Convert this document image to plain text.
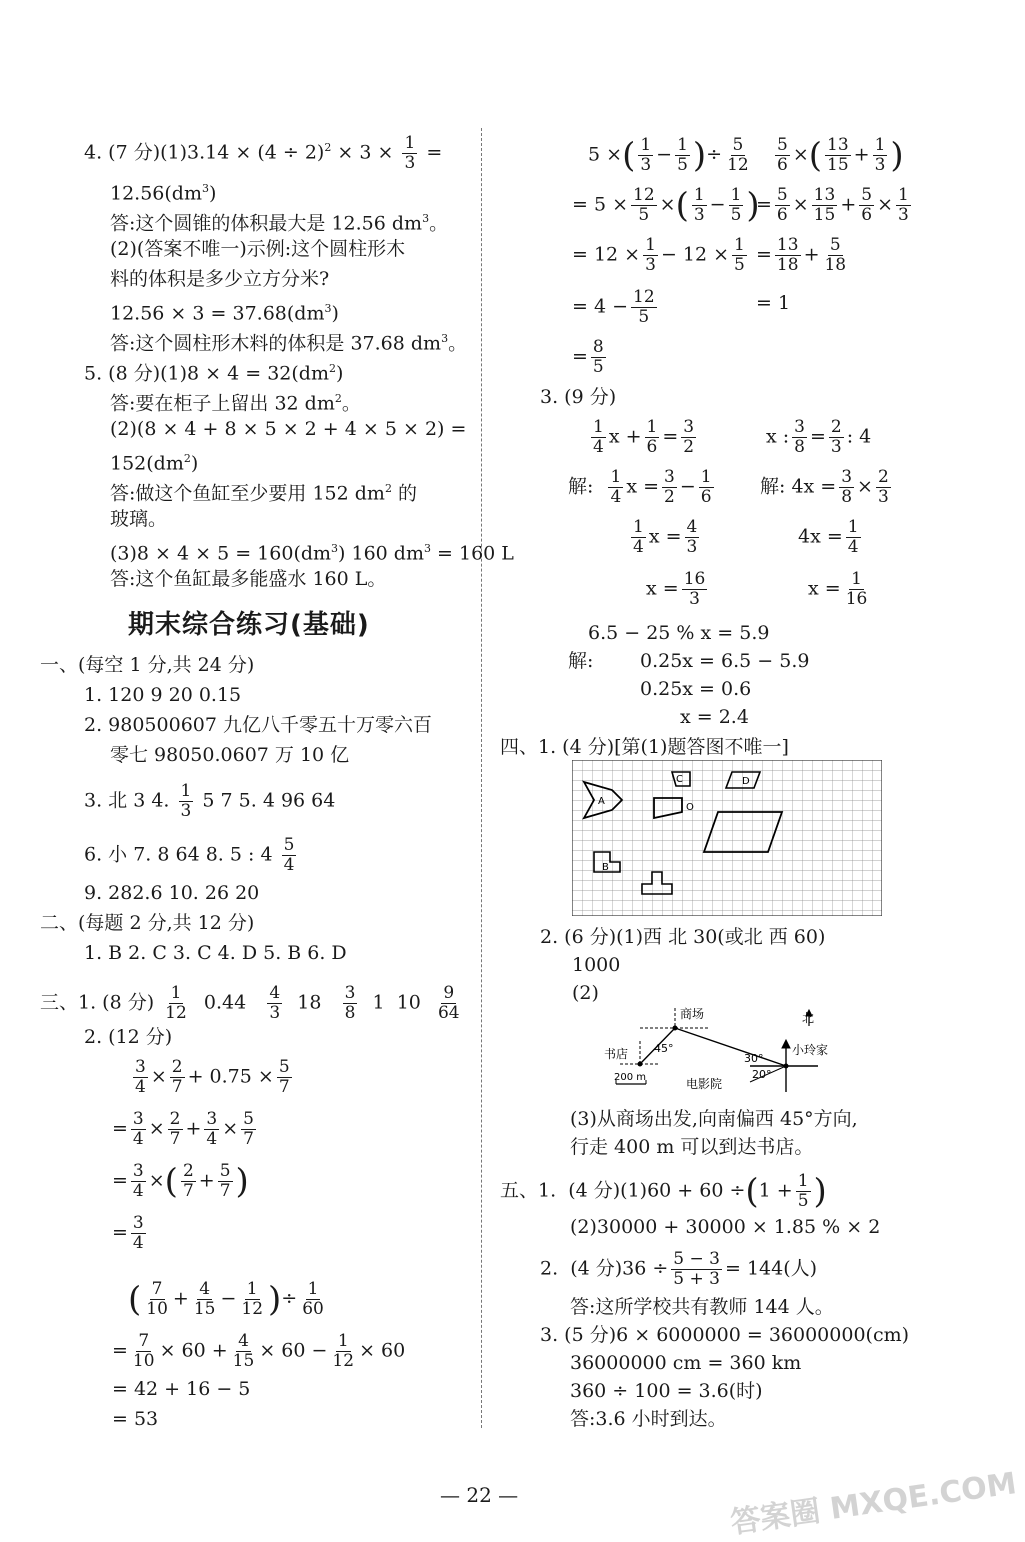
4. (7 分)$(1)3.14 \times (4 \div 2)^2 \times 3 \times \frac{1}{3}$ =
$12.56(dm^3)$
答:这个圆锥的体积最大是 12.56 $dm^3$。
(2)(答案不唯一)示例:这个圆柱形木
料的体积是多少立方分米?
$12.56 \times 3 = 37.68(dm^3)$
答:这个圆柱形木料的体积是 37.68 $dm^3$。
5. (8 分)$(1)8 \times 4 = 32(dm^2)$
答:要在柜子上留出 32 $dm^2$。
(2)(8 × 4 + 8 × 5 × 2 + 4 × 5 × 2) =
$152(dm^2)$
答:做这个鱼缸至少要用 152 $dm^2$ 的
玻璃。
$(3)8 \times 4 \times 5 = 160(dm^3)$ 160 $dm^3 = 160$ L
答:这个鱼缸最多能盛水 160 L。
期末综合练习(基础)
一、(每空 1 分,共 24 分)
1. 120 9 20 0.15
2. 980500607 九亿八千零五十万零六百
零七 98050.0607 万 10 亿
3. 北 3 4. $\frac{1}{3} 5$ 7 5. 4 96 64
6. 小 7. 8 64 8. 5 : $4 \frac{5}{4}$
9. 282.6 10. 26 20
二、(每题 2 分,共 12 分)
1. B 2. C 3. C 4. D 5. B 6. D
三、1. (8 分) $\frac{1}{12} 0.44 \frac{4}{3} 18 \frac{3}{8} 1$ $10 \frac{9}{64}$
2. (12 分)
$\frac{3}{4} \times \frac{2}{7} + 0.75 \times \frac{5}{7}$
= $\frac{3}{4} \times \frac{2}{7} + \frac{3}{4} \times \frac{5}{7}$
= $\frac{3}{4}$ ×( $\frac{2}{7} + \frac{5}{7}$ )
= $\frac{3}{4}$
( $\frac{7}{10} + \frac{4}{15} - \frac{1}{12}$ )÷ $\frac{1}{60}$
= $\frac{7}{10} \times 60 + \frac{4}{15} \times 60 - \frac{1}{12} \times 60$
= 42 + 16 − 5
= 53
5 ×( $\frac{1}{3} - \frac{1}{5}$ )÷ $\frac{5}{12} \frac{5}{6}$ ×( $\frac{13}{15} + \frac{1}{3}$ )
= $5 \times \frac{12}{5}$ ×( $\frac{1}{3} - \frac{1}{5}$ )
= $\frac{5}{6} \times \frac{13}{15} + \frac{5}{6} \times \frac{1}{3}$
= $12 \times \frac{1}{3} - 12 \times \frac{1}{5} = \frac{13}{18} + \frac{5}{18}$
= $4 - \frac{12}{5}$	= 1
= $\frac{8}{5}$
3. (9 分)
$\frac{1}{4}$ $x + \frac{1}{6} = \frac{3}{2}$	x : $\frac{3}{8} = \frac{2}{3}$ : 4
解: $\frac{1}{4}$ $x = \frac{3}{2} - \frac{1}{6}$ 解: $4x = \frac{3}{8} \times \frac{2}{3}$
$\frac{1}{4}$ $x = \frac{4}{3}$	$4x = \frac{1}{4}$
$x = \frac{16}{3}$	$x = \frac{1}{16}$
6.5 − 25 % x = 5.9
解: 0.25x = 6.5 − 5.9
0.25x = 0.6
x = 2.4
四、1. (4 分)[第(1)题答图不唯一]
A
C
O
D
B
2. (6 分)(1)西 北 30(或北 西 60)
1000
(2)
商场	北
书店 45°	小玲家
30°
20°
200 m	电影院
(3)从商场出发,向南偏西 45°方向,
行走 400 m 可以到达书店。
五、1.  (4 分)$(1)60 + 60 \div(1 + \frac{1}{5}$ )
(2)30000 + 30000 × 1.85 % × 2
2.  (4 分)$36 \div \frac{5 - 3}{5 + 3} = 144$(人)
答:这所学校共有教师 144 人。
3. (5 分)6 × 6000000 = 36000000(cm)
36000000 cm = 360 km
360 ÷ 100 = 3.6(时)
答:3.6 小时到达。
— 22 —	答案圈 MXQE.COM
